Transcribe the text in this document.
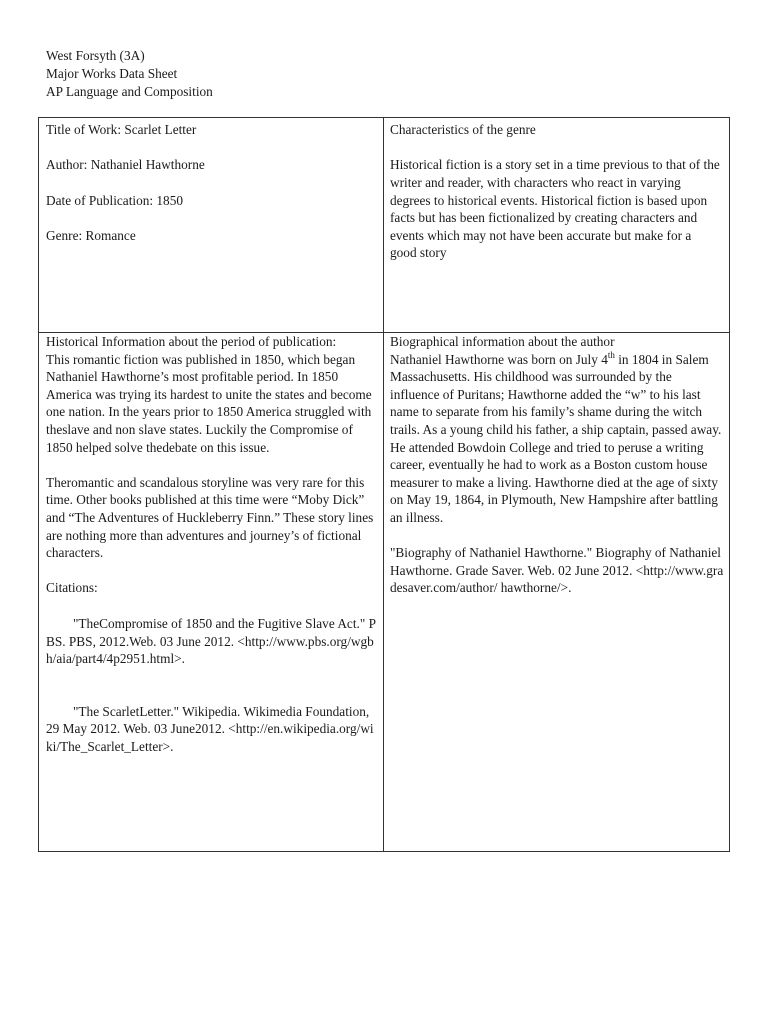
West Forsyth (3A)
Major Works Data Sheet
AP Language and Composition

Title of Work: Scarlet Letter

Author: Nathaniel Hawthorne

Date of Publication: 1850

Genre: Romance

Characteristics of the genre
Historical fiction is a story set in a time previous to that of the writer and reader, with characters who react in varying degrees to historical events. Historical fiction is based upon facts but has been fictionalized by creating characters and events which may not have been accurate but make for a good story
Historical Information about the period of publication:
This romantic fiction was published in 1850, which began Nathaniel Hawthorne’s most profitable period. In 1850 America was trying its hardest to unite the states and become one nation. In the years prior to 1850 America struggled with theslave and non slave states. Luckily the Compromise of 1850 helped solve thedebate on this issue.
Theromantic and scandalous storyline was very rare for this time. Other books published at this time were “Moby Dick” and “The Adventures of Huckleberry Finn.” These story lines are nothing more than adventures and journey’s of fictional characters.
Citations:
"TheCompromise of 1850 and the Fugitive Slave Act." PBS. PBS, 2012.Web. 03 June 2012. <http://www.pbs.org/wgbh/aia/part4/4p2951.html>.
"The ScarletLetter." Wikipedia. Wikimedia Foundation, 29 May 2012. Web. 03 June2012. <http://en.wikipedia.org/wiki/The_Scarlet_Letter>.

Biographical information about the author

Nathaniel Hawthorne was born on July 4th in 1804 in Salem Massachusetts. His childhood was surrounded by the influence of Puritans; Hawthorne added the “w” to his last name to separate from his family’s shame during the witch trails. As a young child his father, a ship captain, passed away. He attended Bowdoin College and tried to peruse a writing career, eventually he had to work as a Boston custom house measurer to make a living. Hawthorne died at the age of sixty on May 19, 1864, in Plymouth, New Hampshire after battling an illness.

"Biography of Nathaniel Hawthorne." Biography of Nathaniel Hawthorne. Grade Saver. Web. 02 June 2012. <http://www.gradesaver.com/author/ hawthorne/>.
